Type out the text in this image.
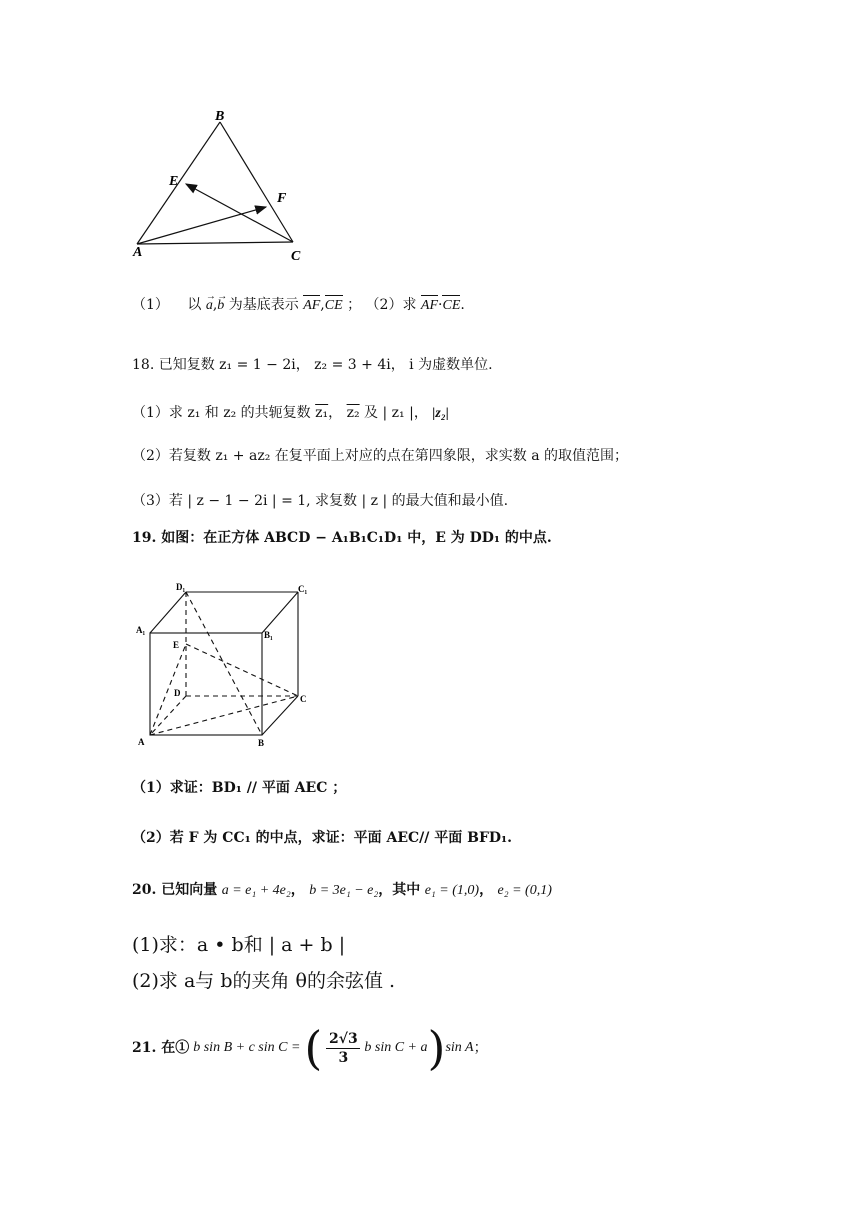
B
E
F
A	C
（1） 以
→
a,
→
b 为基底表示 AF,CE ； （2）求 AF·CE.
18. 已知复数 z₁ = 1 − 2i， z₂ = 3 + 4i， i 为虚数单位.
（1）求 z₁ 和 z₂ 的共轭复数 z₁， z₂ 及 | z₁ |， |z₂|
（2）若复数 z₁ + az₂ 在复平面上对应的点在第四象限，求实数 a 的取值范围；
（3）若 | z − 1 − 2i | = 1, 求复数 | z | 的最大值和最小值.
19. 如图：在正方体 ABCD − A₁B₁C₁D₁ 中，E 为 DD₁ 的中点.
D₁	C₁
A₁	B₁
E
D
C
A	B
（1）求证：BD₁ // 平面 AEC ；
（2）若 F 为 CC₁ 的中点，求证：平面 AEC// 平面 BFD₁.
20. 已知向量 a = e₁ + 4e₂， b = 3e₁ − e₂，其中 e₁ = (1,0)， e₂ = (0,1)
(1)求：a • b和 | a + b |
(2)求 a与 b的夹角 θ的余弦值 .
21. 在① b sin B + c sin C = ( 2√3
3
b sin C + a ) sin A ；
